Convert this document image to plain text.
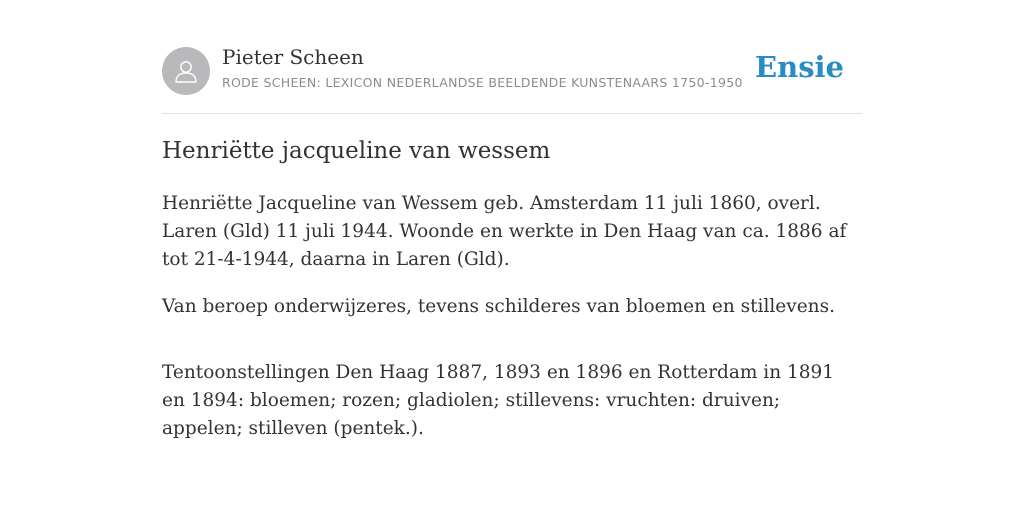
Pieter Scheen
RODE SCHEEN: LEXICON NEDERLANDSE BEELDENDE KUNSTENAARS 1750-1950 Ensie
Henriëtte jacqueline van wessem

Henriëtte Jacqueline van Wessem geb. Amsterdam 11 juli 1860, overl. Laren (Gld) 11 juli 1944. Woonde en werkte in Den Haag van ca. 1886 af tot 21-4-1944, daarna in Laren (Gld).

Van beroep onderwijzeres, tevens schilderes van bloemen en stillevens.

Tentoonstellingen Den Haag 1887, 1893 en 1896 en Rotterdam in 1891 en 1894: bloemen; rozen; gladiolen; stillevens: vruchten: druiven; appelen; stilleven (pentek.).
